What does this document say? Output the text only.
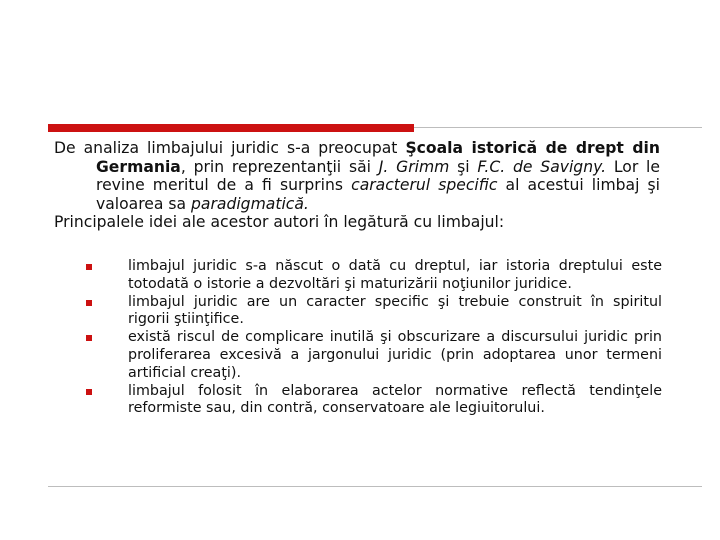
De analiza limbajului juridic s-a preocupat Şcoala istorică de drept din Germania, prin reprezentanţii săi J. Grimm şi F.C. de Savigny. Lor le revine meritul de a fi surprins caracterul specific al acestui limbaj şi valoarea sa paradigmatică.

Principalele idei ale acestor autori în legătură cu limbajul:

limbajul juridic s-a născut o dată cu dreptul, iar istoria dreptului este totodată o istorie a dezvoltări şi maturizării noţiunilor juridice.
limbajul juridic are un caracter specific şi trebuie construit în spiritul rigorii ştiinţifice.
există riscul de complicare inutilă şi obscurizare a discursului juridic prin proliferarea excesivă a jargonului juridic (prin adoptarea unor termeni artificial creaţi).
limbajul folosit în elaborarea actelor normative reflectă tendinţele reformiste sau, din contră, conservatoare ale legiuitorului.
